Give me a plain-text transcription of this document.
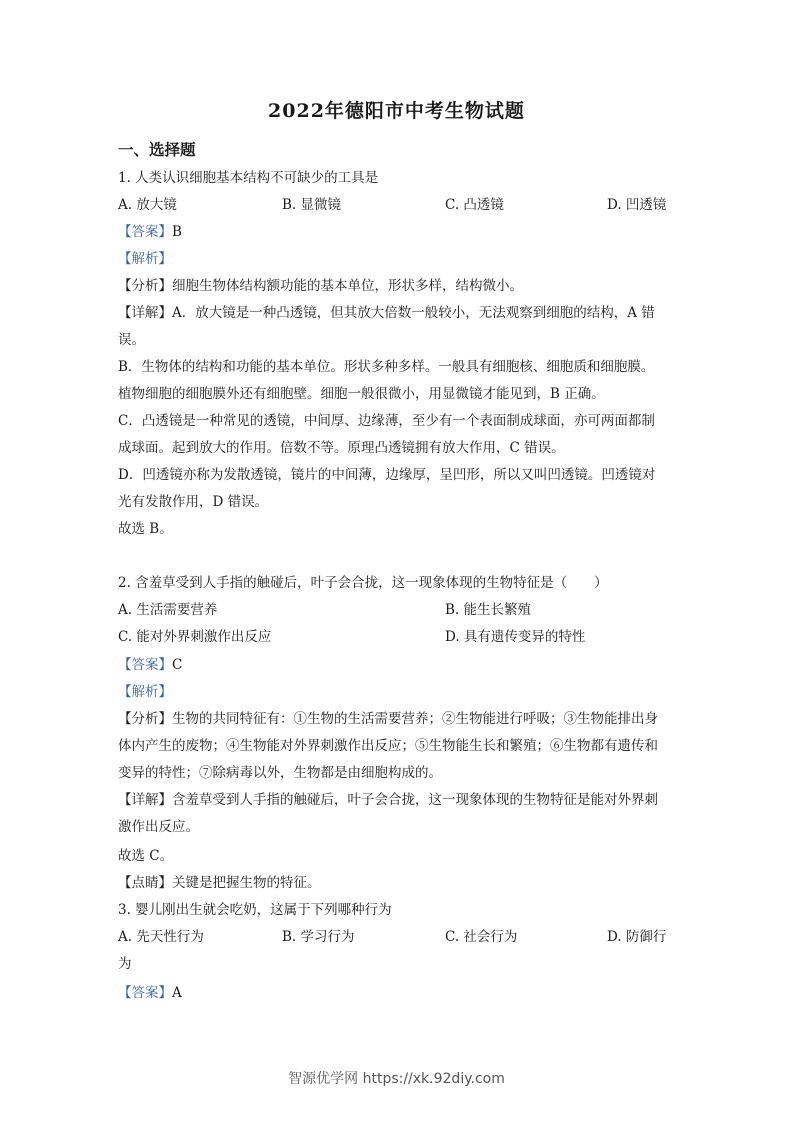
2022年德阳市中考生物试题
一、选择题
1. 人类认识细胞基本结构不可缺少的工具是
A. 放大镜	B. 显微镜	C. 凸透镜	D. 凹透镜
【答案】B
【解析】
【分析】细胞生物体结构额功能的基本单位，形状多样，结构微小。
【详解】A．放大镜是一种凸透镜，但其放大倍数一般较小，无法观察到细胞的结构，A 错
误。
B．生物体的结构和功能的基本单位。形状多种多样。一般具有细胞核、细胞质和细胞膜。
植物细胞的细胞膜外还有细胞壁。细胞一般很微小，用显微镜才能见到，B 正确。
C．凸透镜是一种常见的透镜，中间厚、边缘薄，至少有一个表面制成球面，亦可两面都制
成球面。起到放大的作用。倍数不等。原理凸透镜拥有放大作用，C 错误。
D．凹透镜亦称为发散透镜，镜片的中间薄，边缘厚，呈凹形，所以又叫凹透镜。凹透镜对
光有发散作用，D 错误。
故选 B。
2. 含羞草受到人手指的触碰后，叶子会合拢，这一现象体现的生物特征是（　　）
A. 生活需要营养	B. 能生长繁殖
C. 能对外界刺激作出反应	D. 具有遗传变异的特性
【答案】C
【解析】
【分析】生物的共同特征有：①生物的生活需要营养；②生物能进行呼吸；③生物能排出身
体内产生的废物；④生物能对外界刺激作出反应；⑤生物能生长和繁殖；⑥生物都有遗传和
变异的特性；⑦除病毒以外，生物都是由细胞构成的。
【详解】含羞草受到人手指的触碰后，叶子会合拢，这一现象体现的生物特征是能对外界刺
激作出反应。
故选 C。
【点睛】关键是把握生物的特征。
3. 婴儿刚出生就会吃奶，这属于下列哪种行为
A. 先天性行为	B. 学习行为	C. 社会行为	D. 防御行
为
【答案】A
智源优学网 https://xk.92diy.com
